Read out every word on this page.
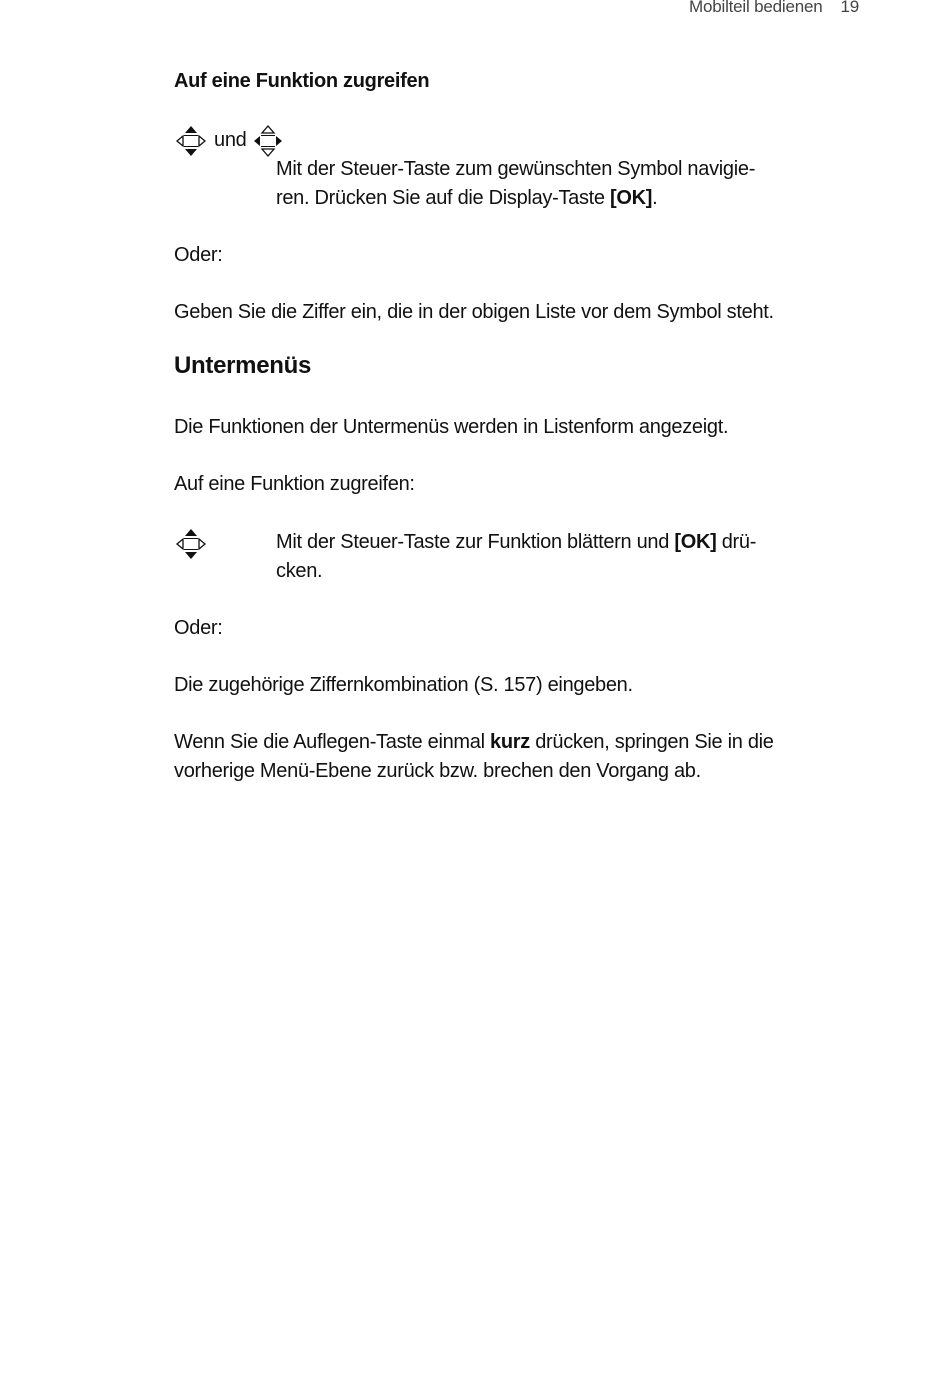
Mobilteil bedienen 19
Auf eine Funktion zugreifen
und
Mit der Steuer-Taste zum gewünschten Symbol navigie-
ren. Drücken Sie auf die Display-Taste [OK].
Oder:
Geben Sie die Ziffer ein, die in der obigen Liste vor dem Symbol steht.
Untermenüs
Die Funktionen der Untermenüs werden in Listenform angezeigt.
Auf eine Funktion zugreifen:
Mit der Steuer-Taste zur Funktion blättern und [OK] drü-
cken.
Oder:
Die zugehörige Ziffernkombination (S. 157) eingeben.
Wenn Sie die Auflegen-Taste einmal kurz drücken, springen Sie in die
vorherige Menü-Ebene zurück bzw. brechen den Vorgang ab.
